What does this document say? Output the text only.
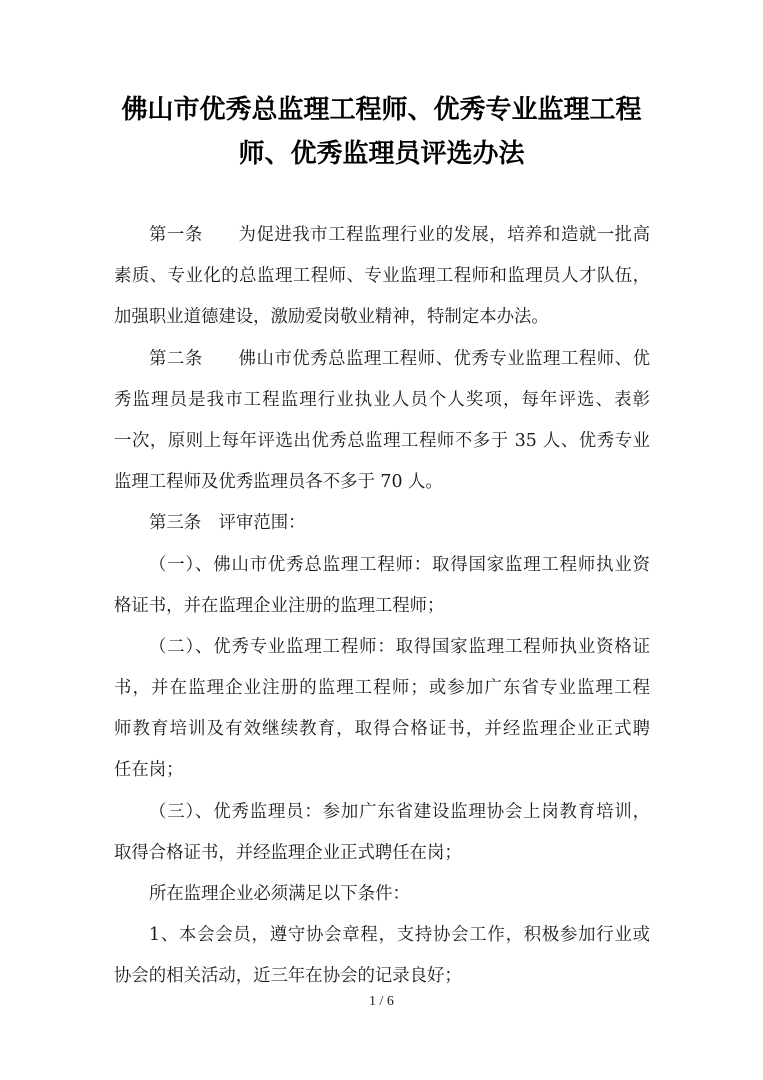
佛山市优秀总监理工程师、优秀专业监理工程
师、优秀监理员评选办法
第一条　　为促进我市工程监理行业的发展，培养和造就一批高
素质、专业化的总监理工程师、专业监理工程师和监理员人才队伍，
加强职业道德建设，激励爱岗敬业精神，特制定本办法。
第二条　　佛山市优秀总监理工程师、优秀专业监理工程师、优
秀监理员是我市工程监理行业执业人员个人奖项，每年评选、表彰
一次，原则上每年评选出优秀总监理工程师不多于 35 人、优秀专业
监理工程师及优秀监理员各不多于 70 人。
第三条　评审范围：
（一）、佛山市优秀总监理工程师：取得国家监理工程师执业资
格证书，并在监理企业注册的监理工程师；
（二）、优秀专业监理工程师：取得国家监理工程师执业资格证
书，并在监理企业注册的监理工程师；或参加广东省专业监理工程
师教育培训及有效继续教育，取得合格证书，并经监理企业正式聘
任在岗；
（三）、优秀监理员：参加广东省建设监理协会上岗教育培训，
取得合格证书，并经监理企业正式聘任在岗；
所在监理企业必须满足以下条件：
1、本会会员，遵守协会章程，支持协会工作，积极参加行业或
协会的相关活动，近三年在协会的记录良好；
1 / 6
